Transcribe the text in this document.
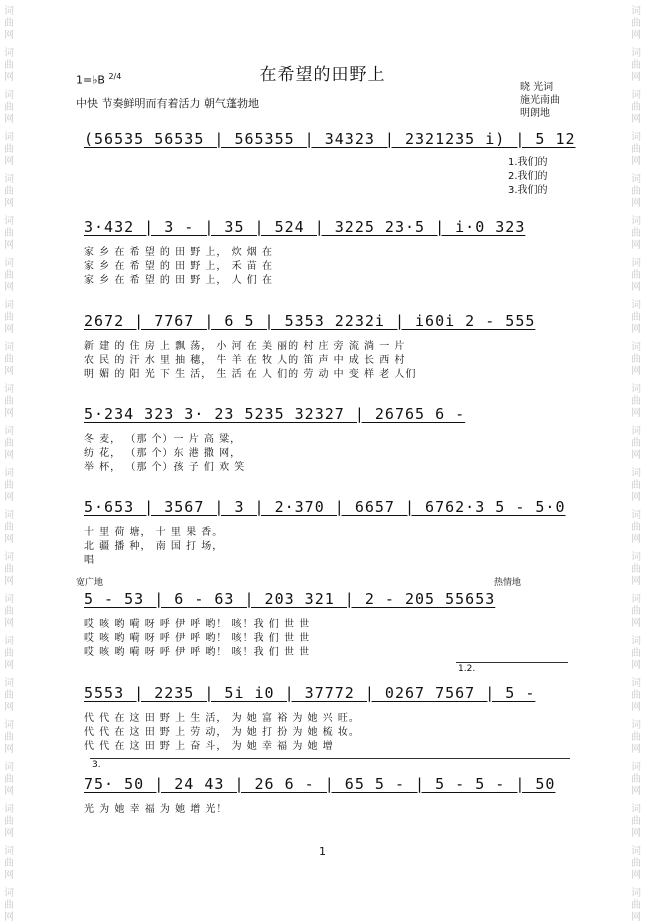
词曲网
词曲网
词曲网
词曲网
词曲网
词曲网
词曲网
词曲网
词曲网
词曲网
词曲网
词曲网
词曲网
词曲网
词曲网
词曲网
词曲网
词曲网
词曲网
词曲网
词曲网
词曲网
词曲网
词曲网
词曲网
词曲网
词曲网
词曲网
词曲网
词曲网
词曲网
词曲网
词曲网
词曲网
词曲网
词曲网
词曲网
词曲网
词曲网
词曲网
词曲网
词曲网
词曲网
词曲网
在希望的田野上
1=♭B $^{2/4}$
中快 节奏鲜明而有着活力 朝气蓬勃地
晓 光词
施光南曲
明朗地
1.我们的
2.我们的
3.我们的
宽广地	热情地
1.2.
3.
(56535 56535 | 565355 | 34323 | 2321235 i) | 5 12
3·432 | 3 - | 35 | 524 | 3225 23·5 | i·0 323
家 乡 在 希 望 的 田 野 上， 炊 烟 在
家 乡 在 希 望 的 田 野 上， 禾 苗 在
家 乡 在 希 望 的 田 野 上， 人 们 在
2672 | 7767 | 6 5 | 5353 2232i | i60i 2 - 555
新 建 的 住 房 上 飘 荡， 小 河 在 美 丽的 村 庄 旁 流 淌 一 片
农 民 的 汗 水 里 抽 穗， 牛 羊 在 牧 人的 笛 声 中 成 长 西 村
明 媚 的 阳 光 下 生 活， 生 活 在 人 们的 劳 动 中 变 样 老 人们
5·234 323 3· 23 5235 32327 | 26765 6 -
冬 麦， （那 个）一 片 高 粱，
纺 花， （那 个）东 港 撒 网，
举 杯， （那 个）孩 子 们 欢 笑
5·653 | 3567 | 3 | 2·370 | 6657 | 6762·3 5 - 5·0
十 里 荷 塘， 十 里 果 香。
北 疆 播 种， 南 国 打 场，
唱
5 - 53 | 6 - 63 | 203 321 | 2 - 205 55653
哎 咳 哟 嗬 呀 呼 伊 呼 哟！ 咳！我 们 世 世
哎 咳 哟 嗬 呀 呼 伊 呼 哟！ 咳！我 们 世 世
哎 咳 哟 嗬 呀 呼 伊 呼 哟！ 咳！我 们 世 世
5553 | 2235 | 5i i0 | 37772 | 0267 7567 | 5 -
代 代 在 这 田 野 上 生 活， 为 她 富 裕 为 她 兴 旺。
代 代 在 这 田 野 上 劳 动， 为 她 打 扮 为 她 梳 妆。
代 代 在 这 田 野 上 奋 斗， 为 她 幸 福 为 她 增
75· 50 | 24 43 | 26 6 - | 65 5 - | 5 - 5 - | 50
光 为 她 幸 福 为 她 增 光！
1
